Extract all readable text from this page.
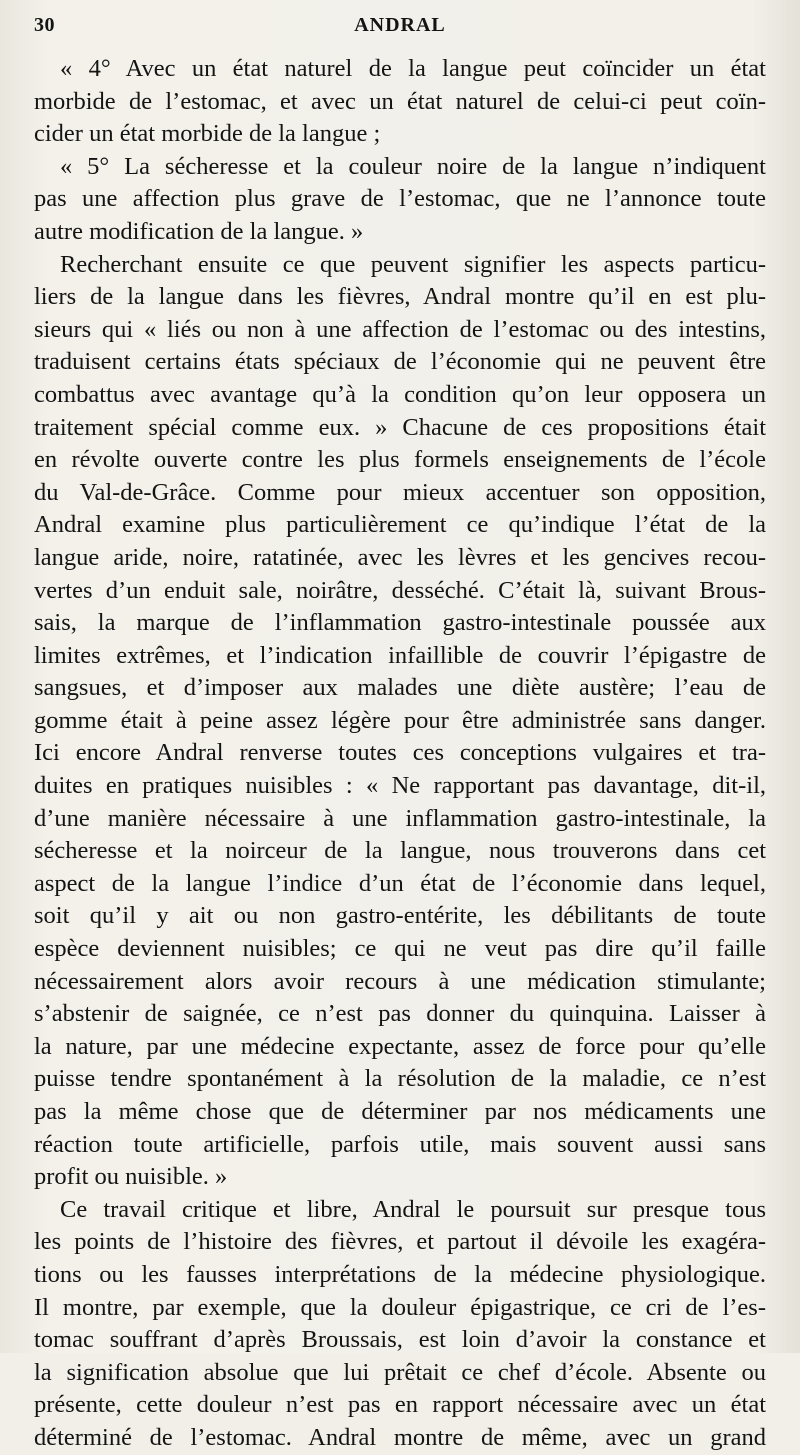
30	ANDRAL
« 4° Avec un état naturel de la langue peut coïncider un état
morbide de l’estomac, et avec un état naturel de celui-ci peut coïn-
cider un état morbide de la langue ;
« 5° La sécheresse et la couleur noire de la langue n’indiquent
pas une affection plus grave de l’estomac, que ne l’annonce toute
autre modification de la langue. »
Recherchant ensuite ce que peuvent signifier les aspects particu-
liers de la langue dans les fièvres, Andral montre qu’il en est plu-
sieurs qui « liés ou non à une affection de l’estomac ou des intestins,
traduisent certains états spéciaux de l’économie qui ne peuvent être
combattus avec avantage qu’à la condition qu’on leur opposera un
traitement spécial comme eux. » Chacune de ces propositions était
en révolte ouverte contre les plus formels enseignements de l’école
du Val-de-Grâce. Comme pour mieux accentuer son opposition,
Andral examine plus particulièrement ce qu’indique l’état de la
langue aride, noire, ratatinée, avec les lèvres et les gencives recou-
vertes d’un enduit sale, noirâtre, desséché. C’était là, suivant Brous-
sais, la marque de l’inflammation gastro-intestinale poussée aux
limites extrêmes, et l’indication infaillible de couvrir l’épigastre de
sangsues, et d’imposer aux malades une diète austère; l’eau de
gomme était à peine assez légère pour être administrée sans danger.
Ici encore Andral renverse toutes ces conceptions vulgaires et tra-
duites en pratiques nuisibles : « Ne rapportant pas davantage, dit-il,
d’une manière nécessaire à une inflammation gastro-intestinale, la
sécheresse et la noirceur de la langue, nous trouverons dans cet
aspect de la langue l’indice d’un état de l’économie dans lequel,
soit qu’il y ait ou non gastro-entérite, les débilitants de toute
espèce deviennent nuisibles; ce qui ne veut pas dire qu’il faille
nécessairement alors avoir recours à une médication stimulante;
s’abstenir de saignée, ce n’est pas donner du quinquina. Laisser à
la nature, par une médecine expectante, assez de force pour qu’elle
puisse tendre spontanément à la résolution de la maladie, ce n’est
pas la même chose que de déterminer par nos médicaments une
réaction toute artificielle, parfois utile, mais souvent aussi sans
profit ou nuisible. »
Ce travail critique et libre, Andral le poursuit sur presque tous
les points de l’histoire des fièvres, et partout il dévoile les exagéra-
tions ou les fausses interprétations de la médecine physiologique.
Il montre, par exemple, que la douleur épigastrique, ce cri de l’es-
tomac souffrant d’après Broussais, est loin d’avoir la constance et
la signification absolue que lui prêtait ce chef d’école. Absente ou
présente, cette douleur n’est pas en rapport nécessaire avec un état
déterminé de l’estomac. Andral montre de même, avec un grand
